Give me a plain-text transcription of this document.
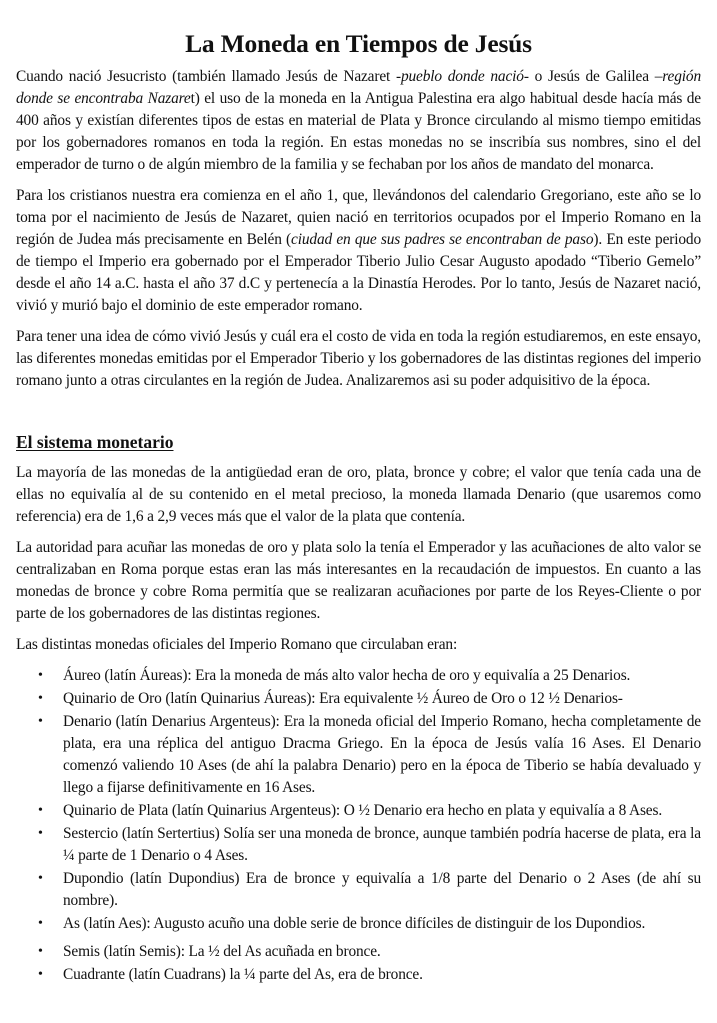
La Moneda en Tiempos de Jesús

Cuando nació Jesucristo (también llamado Jesús de Nazaret -pueblo donde nació- o Jesús de Galilea –región donde se encontraba Nazaret) el uso de la moneda en la Antigua Palestina era algo habitual desde hacía más de 400 años y existían diferentes tipos de estas en material de Plata y Bronce circulando al mismo tiempo emitidas por los gobernadores romanos en toda la región. En estas monedas no se inscribía sus nombres, sino el del emperador de turno o de algún miembro de la familia y se fechaban por los años de mandato del monarca.

Para los cristianos nuestra era comienza en el año 1, que, llevándonos del calendario Gregoriano, este año se lo toma por el nacimiento de Jesús de Nazaret, quien nació en territorios ocupados por el Imperio Romano en la región de Judea más precisamente en Belén (ciudad en que sus padres se encontraban de paso). En este periodo de tiempo el Imperio era gobernado por el Emperador Tiberio Julio Cesar Augusto apodado “Tiberio Gemelo” desde el año 14 a.C. hasta el año 37 d.C y pertenecía a la Dinastía Herodes. Por lo tanto, Jesús de Nazaret nació, vivió y murió bajo el dominio de este emperador romano.

Para tener una idea de cómo vivió Jesús y cuál era el costo de vida en toda la región estudiaremos, en este ensayo, las diferentes monedas emitidas por el Emperador Tiberio y los gobernadores de las distintas regiones del imperio romano junto a otras circulantes en la región de Judea. Analizaremos asi su poder adquisitivo de la época.

El sistema monetario

La mayoría de las monedas de la antigüedad eran de oro, plata, bronce y cobre; el valor que tenía cada una de ellas no equivalía al de su contenido en el metal precioso, la moneda llamada Denario (que usaremos como referencia) era de 1,6 a 2,9 veces más que el valor de la plata que contenía.

La autoridad para acuñar las monedas de oro y plata solo la tenía el Emperador y las acuñaciones de alto valor se centralizaban en Roma porque estas eran las más interesantes en la recaudación de impuestos. En cuanto a las monedas de bronce y cobre Roma permitía que se realizaran acuñaciones por parte de los Reyes-Cliente o por parte de los gobernadores de las distintas regiones.

Las distintas monedas oficiales del Imperio Romano que circulaban eran:

• Áureo (latín Áureas): Era la moneda de más alto valor hecha de oro y equivalía a 25 Denarios.
• Quinario de Oro (latín Quinarius Áureas): Era equivalente ½ Áureo de Oro o 12 ½ Denarios-
• Denario (latín Denarius Argenteus): Era la moneda oficial del Imperio Romano, hecha completamente de plata, era una réplica del antiguo Dracma Griego. En la época de Jesús valía 16 Ases. El Denario comenzó valiendo 10 Ases (de ahí la palabra Denario) pero en la época de Tiberio se había devaluado y llego a fijarse definitivamente en 16 Ases.
• Quinario de Plata (latín Quinarius Argenteus): O ½ Denario era hecho en plata y equivalía a 8 Ases.
• Sestercio (latín Sertertius) Solía ser una moneda de bronce, aunque también podría hacerse de plata, era la ¼ parte de 1 Denario o 4 Ases.
• Dupondio (latín Dupondius) Era de bronce y equivalía a 1/8 parte del Denario o 2 Ases (de ahí su nombre).
• As (latín Aes): Augusto acuño una doble serie de bronce difíciles de distinguir de los Dupondios.
• Semis (latín Semis): La ½ del As acuñada en bronce.
• Cuadrante (latín Cuadrans) la ¼ parte del As, era de bronce.
